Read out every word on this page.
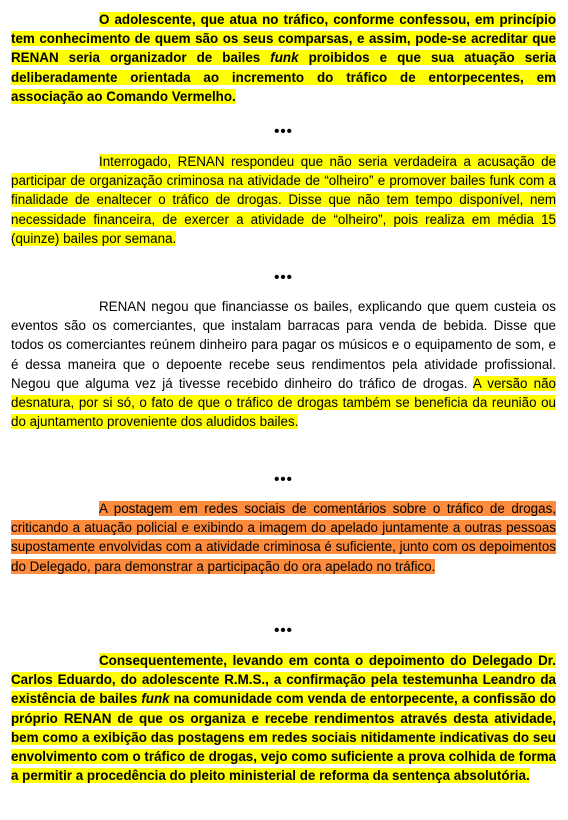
O adolescente, que atua no tráfico, conforme confessou, em princípio tem conhecimento de quem são os seus comparsas, e assim, pode-se acreditar que RENAN seria organizador de bailes funk proibidos e que sua atuação seria deliberadamente orientada ao incremento do tráfico de entorpecentes, em associação ao Comando Vermelho.

•••

Interrogado, RENAN respondeu que não seria verdadeira a acusação de participar de organização criminosa na atividade de “olheiro” e promover bailes funk com a finalidade de enaltecer o tráfico de drogas. Disse que não tem tempo disponível, nem necessidade financeira, de exercer a atividade de “olheiro”, pois realiza em média 15 (quinze) bailes por semana.

•••

RENAN negou que financiasse os bailes, explicando que quem custeia os eventos são os comerciantes, que instalam barracas para venda de bebida. Disse que todos os comerciantes reúnem dinheiro para pagar os músicos e o equipamento de som, e é dessa maneira que o depoente recebe seus rendimentos pela atividade profissional. Negou que alguma vez já tivesse recebido dinheiro do tráfico de drogas. A versão não desnatura, por si só, o fato de que o tráfico de drogas também se beneficia da reunião ou do ajuntamento proveniente dos aludidos bailes.

•••

A postagem em redes sociais de comentários sobre o tráfico de drogas, criticando a atuação policial e exibindo a imagem do apelado juntamente a outras pessoas supostamente envolvidas com a atividade criminosa é suficiente, junto com os depoimentos do Delegado, para demonstrar a participação do ora apelado no tráfico.

•••

Consequentemente, levando em conta o depoimento do Delegado Dr. Carlos Eduardo, do adolescente R.M.S., a confirmação pela testemunha Leandro da existência de bailes funk na comunidade com venda de entorpecente, a confissão do próprio RENAN de que os organiza e recebe rendimentos através desta atividade, bem como a exibição das postagens em redes sociais nitidamente indicativas do seu envolvimento com o tráfico de drogas, vejo como suficiente a prova colhida de forma a permitir a procedência do pleito ministerial de reforma da sentença absolutória.
